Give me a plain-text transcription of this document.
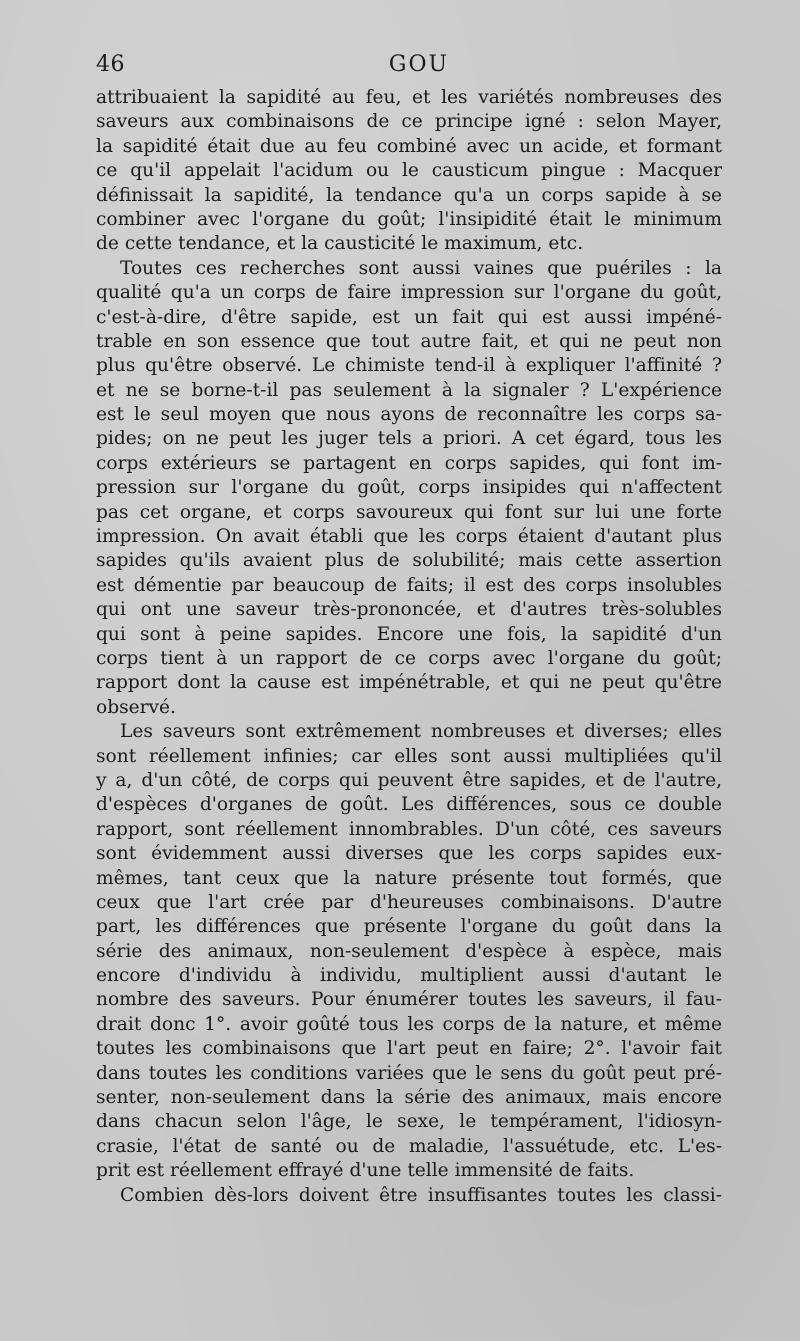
46	GOU
attribuaient la sapidité au feu, et les variétés nombreuses des
saveurs aux combinaisons de ce principe igné : selon Mayer,
la sapidité était due au feu combiné avec un acide, et formant
ce qu'il appelait l'acidum ou le causticum pingue : Macquer
définissait la sapidité, la tendance qu'a un corps sapide à se
combiner avec l'organe du goût; l'insipidité était le minimum
de cette tendance, et la causticité le maximum, etc.
Toutes ces recherches sont aussi vaines que puériles : la
qualité qu'a un corps de faire impression sur l'organe du goût,
c'est-à-dire, d'être sapide, est un fait qui est aussi impéné-
trable en son essence que tout autre fait, et qui ne peut non
plus qu'être observé. Le chimiste tend-il à expliquer l'affinité ?
et ne se borne-t-il pas seulement à la signaler ? L'expérience
est le seul moyen que nous ayons de reconnaître les corps sa-
pides; on ne peut les juger tels a priori. A cet égard, tous les
corps extérieurs se partagent en corps sapides, qui font im-
pression sur l'organe du goût, corps insipides qui n'affectent
pas cet organe, et corps savoureux qui font sur lui une forte
impression. On avait établi que les corps étaient d'autant plus
sapides qu'ils avaient plus de solubilité; mais cette assertion
est démentie par beaucoup de faits; il est des corps insolubles
qui ont une saveur très-prononcée, et d'autres très-solubles
qui sont à peine sapides. Encore une fois, la sapidité d'un
corps tient à un rapport de ce corps avec l'organe du goût;
rapport dont la cause est impénétrable, et qui ne peut qu'être
observé.
Les saveurs sont extrêmement nombreuses et diverses; elles
sont réellement infinies; car elles sont aussi multipliées qu'il
y a, d'un côté, de corps qui peuvent être sapides, et de l'autre,
d'espèces d'organes de goût. Les différences, sous ce double
rapport, sont réellement innombrables. D'un côté, ces saveurs
sont évidemment aussi diverses que les corps sapides eux-
mêmes, tant ceux que la nature présente tout formés, que
ceux que l'art crée par d'heureuses combinaisons. D'autre
part, les différences que présente l'organe du goût dans la
série des animaux, non-seulement d'espèce à espèce, mais
encore d'individu à individu, multiplient aussi d'autant le
nombre des saveurs. Pour énumérer toutes les saveurs, il fau-
drait donc 1°. avoir goûté tous les corps de la nature, et même
toutes les combinaisons que l'art peut en faire; 2°. l'avoir fait
dans toutes les conditions variées que le sens du goût peut pré-
senter, non-seulement dans la série des animaux, mais encore
dans chacun selon l'âge, le sexe, le tempérament, l'idiosyn-
crasie, l'état de santé ou de maladie, l'assuétude, etc. L'es-
prit est réellement effrayé d'une telle immensité de faits.
Combien dès-lors doivent être insuffisantes toutes les classi-
